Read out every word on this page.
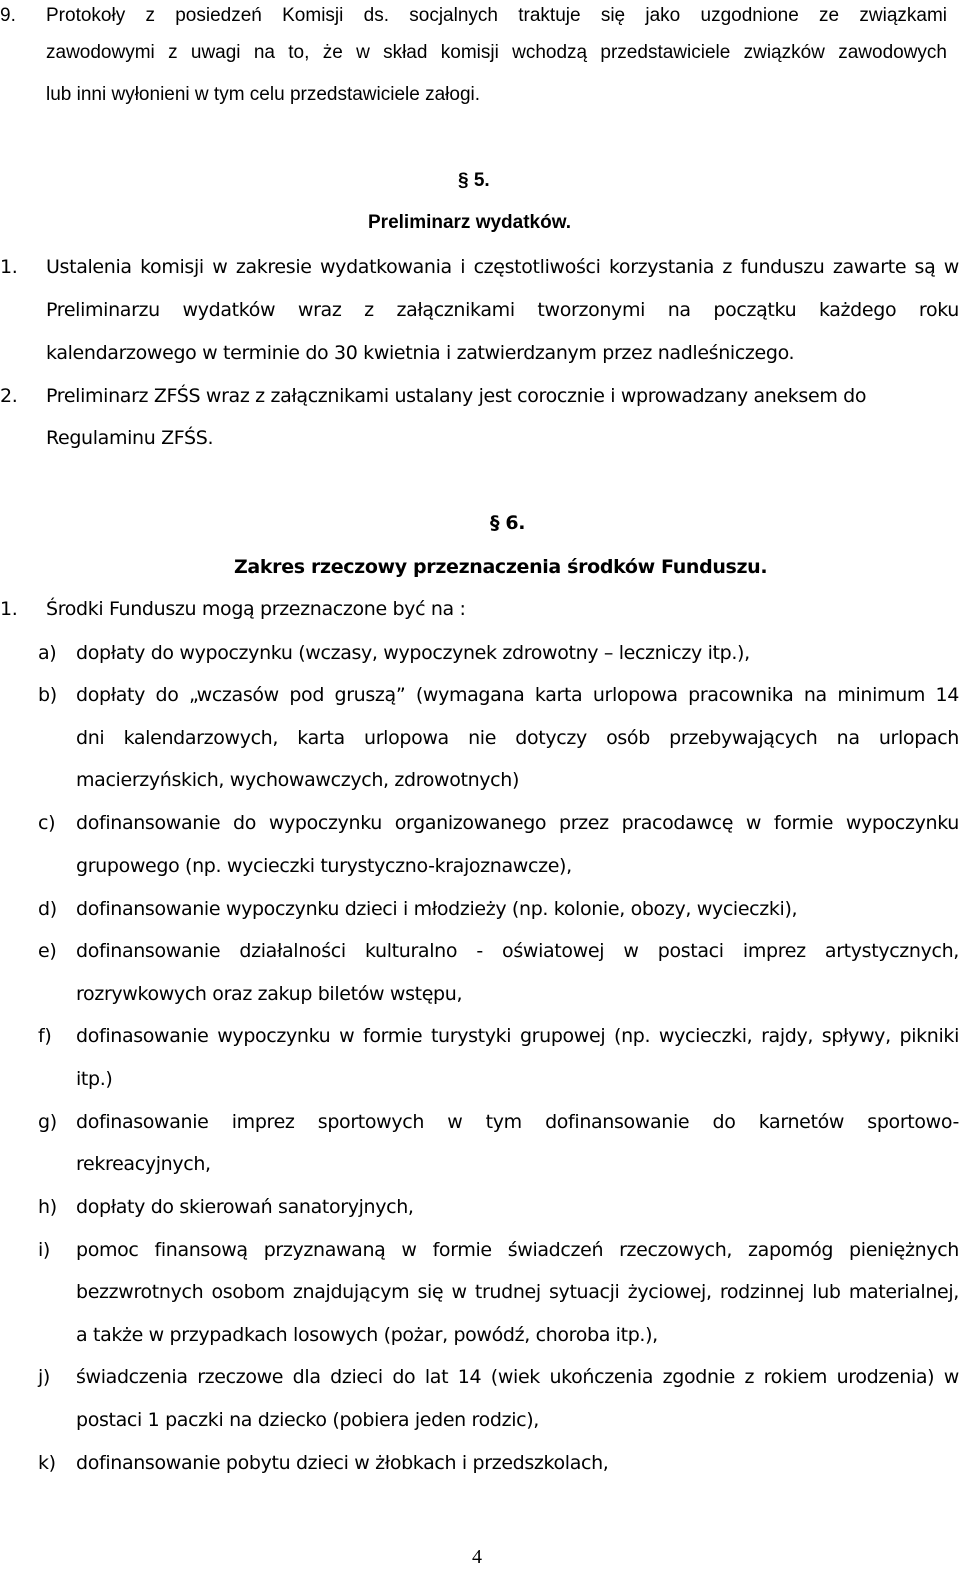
9. Protokoły z posiedzeń Komisji ds. socjalnych traktuje się jako uzgodnione ze związkami
zawodowymi z uwagi na to, że w skład komisji wchodzą przedstawiciele związków zawodowych
lub inni wyłonieni w tym celu przedstawiciele załogi.
§ 5.
Preliminarz wydatków.
1. Ustalenia komisji w zakresie wydatkowania i częstotliwości korzystania z funduszu zawarte są w
Preliminarzu wydatków wraz z załącznikami tworzonymi na początku każdego roku
kalendarzowego w terminie do 30 kwietnia i zatwierdzanym przez nadleśniczego.
2. Preliminarz ZFŚS wraz z załącznikami ustalany jest corocznie i wprowadzany aneksem do
Regulaminu ZFŚS.
§ 6.
Zakres rzeczowy przeznaczenia środków Funduszu.
1. Środki Funduszu mogą przeznaczone być na :
a) dopłaty do wypoczynku (wczasy, wypoczynek zdrowotny – leczniczy itp.),
b) dopłaty do „wczasów pod gruszą” (wymagana karta urlopowa pracownika na minimum 14
dni kalendarzowych, karta urlopowa nie dotyczy osób przebywających na urlopach
macierzyńskich, wychowawczych, zdrowotnych)
c) dofinansowanie do wypoczynku organizowanego przez pracodawcę w formie wypoczynku
grupowego (np. wycieczki turystyczno-krajoznawcze),
d) dofinansowanie wypoczynku dzieci i młodzieży (np. kolonie, obozy, wycieczki),
e) dofinansowanie działalności kulturalno - oświatowej w postaci imprez artystycznych,
rozrywkowych oraz zakup biletów wstępu,
f) dofinasowanie wypoczynku w formie turystyki grupowej (np. wycieczki, rajdy, spływy, pikniki
itp.)
g) dofinasowanie imprez sportowych w tym dofinansowanie do karnetów sportowo-
rekreacyjnych,
h) dopłaty do skierowań sanatoryjnych,
i) pomoc finansową przyznawaną w formie świadczeń rzeczowych, zapomóg pieniężnych
bezzwrotnych osobom znajdującym się w trudnej sytuacji życiowej, rodzinnej lub materialnej,
a także w przypadkach losowych (pożar, powódź, choroba itp.),
j) świadczenia rzeczowe dla dzieci do lat 14 (wiek ukończenia zgodnie z rokiem urodzenia) w
postaci 1 paczki na dziecko (pobiera jeden rodzic),
k) dofinansowanie pobytu dzieci w żłobkach i przedszkolach,
4
